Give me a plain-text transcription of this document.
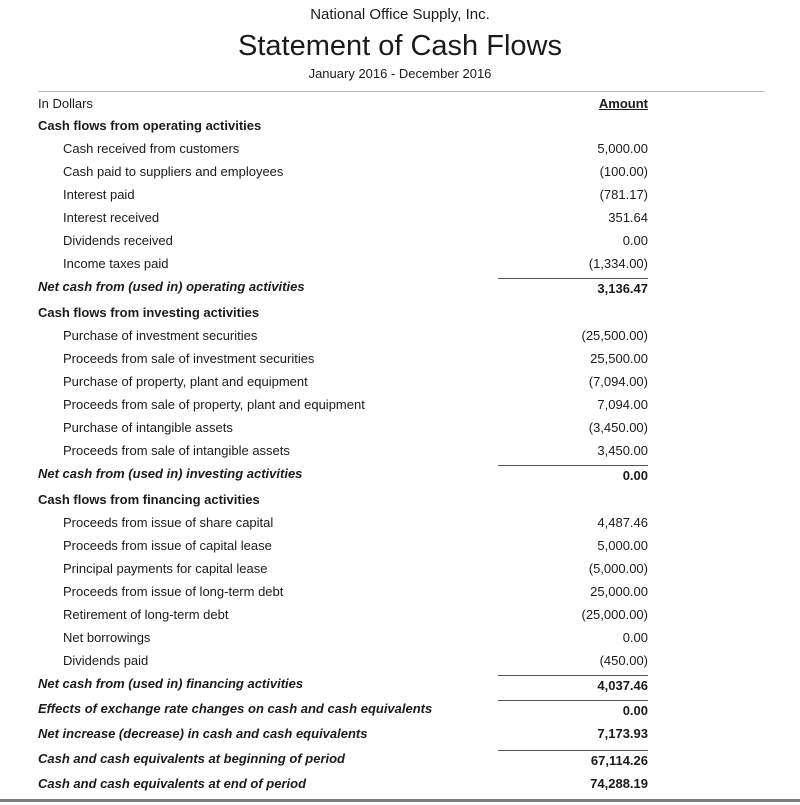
National Office Supply, Inc.
Statement of Cash Flows
January 2016 - December 2016
In Dollars	Amount
Cash flows from operating activities
Cash received from customers	5,000.00
Cash paid to suppliers and employees	(100.00)
Interest paid	(781.17)
Interest received	351.64
Dividends received	0.00
Income taxes paid	(1,334.00)
Net cash from (used in) operating activities	3,136.47
Cash flows from investing activities
Purchase of investment securities	(25,500.00)
Proceeds from sale of investment securities	25,500.00
Purchase of property, plant and equipment	(7,094.00)
Proceeds from sale of property, plant and equipment	7,094.00
Purchase of intangible assets	(3,450.00)
Proceeds from sale of intangible assets	3,450.00
Net cash from (used in) investing activities	0.00
Cash flows from financing activities
Proceeds from issue of share capital	4,487.46
Proceeds from issue of capital lease	5,000.00
Principal payments for capital lease	(5,000.00)
Proceeds from issue of long-term debt	25,000.00
Retirement of long-term debt	(25,000.00)
Net borrowings	0.00
Dividends paid	(450.00)
Net cash from (used in) financing activities	4,037.46
Effects of exchange rate changes on cash and cash equivalents	0.00
Net increase (decrease) in cash and cash equivalents	7,173.93
Cash and cash equivalents at beginning of period	67,114.26
Cash and cash equivalents at end of period	74,288.19
